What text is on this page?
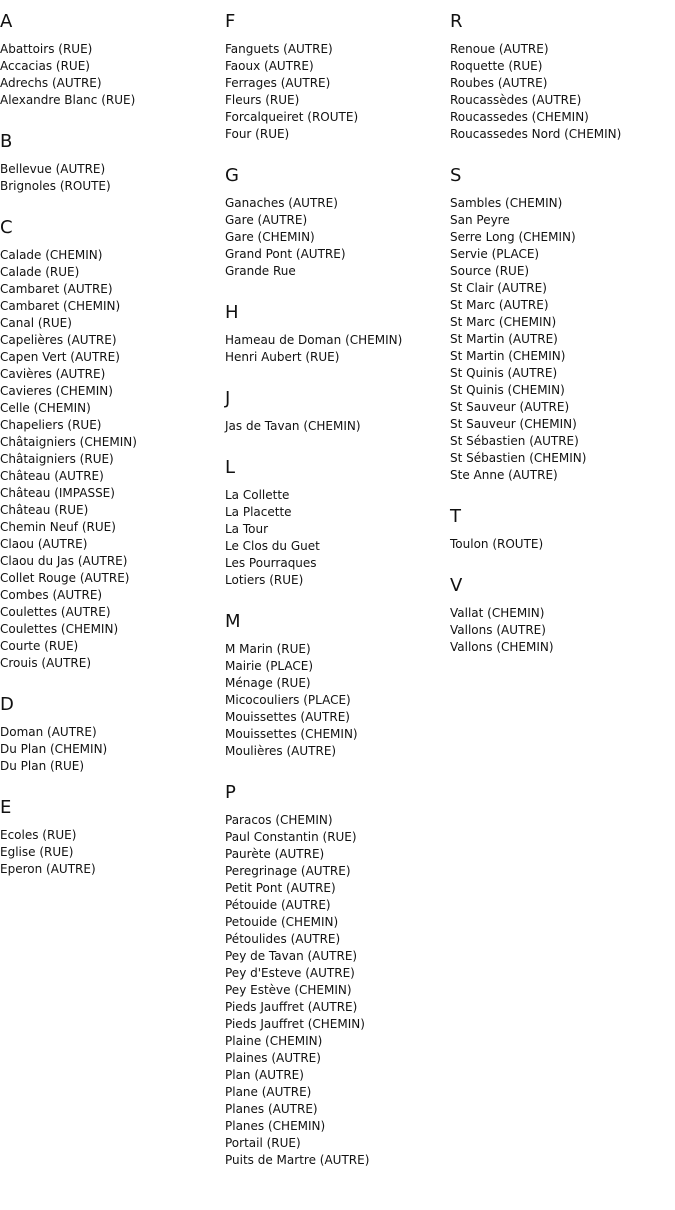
A
Abattoirs (RUE)
Accacias (RUE)
Adrechs (AUTRE)
Alexandre Blanc (RUE)
B
Bellevue (AUTRE)
Brignoles (ROUTE)
C
Calade (CHEMIN)
Calade (RUE)
Cambaret (AUTRE)
Cambaret (CHEMIN)
Canal (RUE)
Capelières (AUTRE)
Capen Vert (AUTRE)
Cavières (AUTRE)
Cavieres (CHEMIN)
Celle (CHEMIN)
Chapeliers (RUE)
Châtaigniers (CHEMIN)
Châtaigniers (RUE)
Château (AUTRE)
Château (IMPASSE)
Château (RUE)
Chemin Neuf (RUE)
Claou (AUTRE)
Claou du Jas (AUTRE)
Collet Rouge (AUTRE)
Combes (AUTRE)
Coulettes (AUTRE)
Coulettes (CHEMIN)
Courte (RUE)
Crouis (AUTRE)
D
Doman (AUTRE)
Du Plan (CHEMIN)
Du Plan (RUE)
E
Ecoles (RUE)
Eglise (RUE)
Eperon (AUTRE)
F
Fanguets (AUTRE)
Faoux (AUTRE)
Ferrages (AUTRE)
Fleurs (RUE)
Forcalqueiret (ROUTE)
Four (RUE)
G
Ganaches (AUTRE)
Gare (AUTRE)
Gare (CHEMIN)
Grand Pont (AUTRE)
Grande Rue
H
Hameau de Doman (CHEMIN)
Henri Aubert (RUE)
J
Jas de Tavan (CHEMIN)
L
La Collette
La Placette
La Tour
Le Clos du Guet
Les Pourraques
Lotiers (RUE)
M
M Marin (RUE)
Mairie (PLACE)
Ménage (RUE)
Micocouliers (PLACE)
Mouissettes (AUTRE)
Mouissettes (CHEMIN)
Moulières (AUTRE)
P
Paracos (CHEMIN)
Paul Constantin (RUE)
Paurète (AUTRE)
Peregrinage (AUTRE)
Petit Pont (AUTRE)
Pétouide (AUTRE)
Petouide (CHEMIN)
Pétoulides (AUTRE)
Pey de Tavan (AUTRE)
Pey d'Esteve (AUTRE)
Pey Estève (CHEMIN)
Pieds Jauffret (AUTRE)
Pieds Jauffret (CHEMIN)
Plaine (CHEMIN)
Plaines (AUTRE)
Plan (AUTRE)
Plane (AUTRE)
Planes (AUTRE)
Planes (CHEMIN)
Portail (RUE)
Puits de Martre (AUTRE)
R
Renoue (AUTRE)
Roquette (RUE)
Roubes (AUTRE)
Roucassèdes (AUTRE)
Roucassedes (CHEMIN)
Roucassedes Nord (CHEMIN)
S
Sambles (CHEMIN)
San Peyre
Serre Long (CHEMIN)
Servie (PLACE)
Source (RUE)
St Clair (AUTRE)
St Marc (AUTRE)
St Marc (CHEMIN)
St Martin (AUTRE)
St Martin (CHEMIN)
St Quinis (AUTRE)
St Quinis (CHEMIN)
St Sauveur (AUTRE)
St Sauveur (CHEMIN)
St Sébastien (AUTRE)
St Sébastien (CHEMIN)
Ste Anne (AUTRE)
T
Toulon (ROUTE)
V
Vallat (CHEMIN)
Vallons (AUTRE)
Vallons (CHEMIN)
